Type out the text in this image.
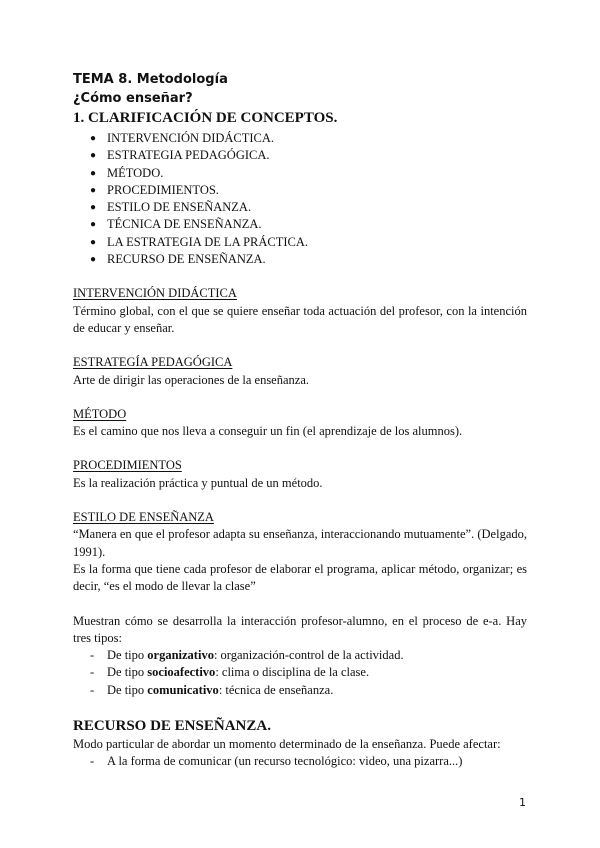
TEMA 8. Metodología
¿Cómo enseñar?
1. CLARIFICACIÓN DE CONCEPTOS.
● INTERVENCIÓN DIDÁCTICA.
● ESTRATEGIA PEDAGÓGICA.
● MÉTODO.
● PROCEDIMIENTOS.
● ESTILO DE ENSEÑANZA.
● TÉCNICA DE ENSEÑANZA.
● LA ESTRATEGIA DE LA PRÁCTICA.
● RECURSO DE ENSEÑANZA.
INTERVENCIÓN DIDÁCTICA
Término global, con el que se quiere enseñar toda actuación del profesor, con la intención de educar y enseñar.
ESTRATEGÍA PEDAGÓGICA
Arte de dirigir las operaciones de la enseñanza.
MÉTODO
Es el camino que nos lleva a conseguir un fin (el aprendizaje de los alumnos).
PROCEDIMIENTOS
Es la realización práctica y puntual de un método.
ESTILO DE ENSEÑANZA
“Manera en que el profesor adapta su enseñanza, interaccionando mutuamente”. (Delgado, 1991).
Es la forma que tiene cada profesor de elaborar el programa, aplicar método, organizar; es decir, “es el modo de llevar la clase”
Muestran cómo se desarrolla la interacción profesor-alumno, en el proceso de e-a. Hay tres tipos:
- De tipo organizativo: organización-control de la actividad.
- De tipo socioafectivo: clima o disciplina de la clase.
- De tipo comunicativo: técnica de enseñanza.
RECURSO DE ENSEÑANZA.
Modo particular de abordar un momento determinado de la enseñanza. Puede afectar:
- A la forma de comunicar (un recurso tecnológico: video, una pizarra...)
1
